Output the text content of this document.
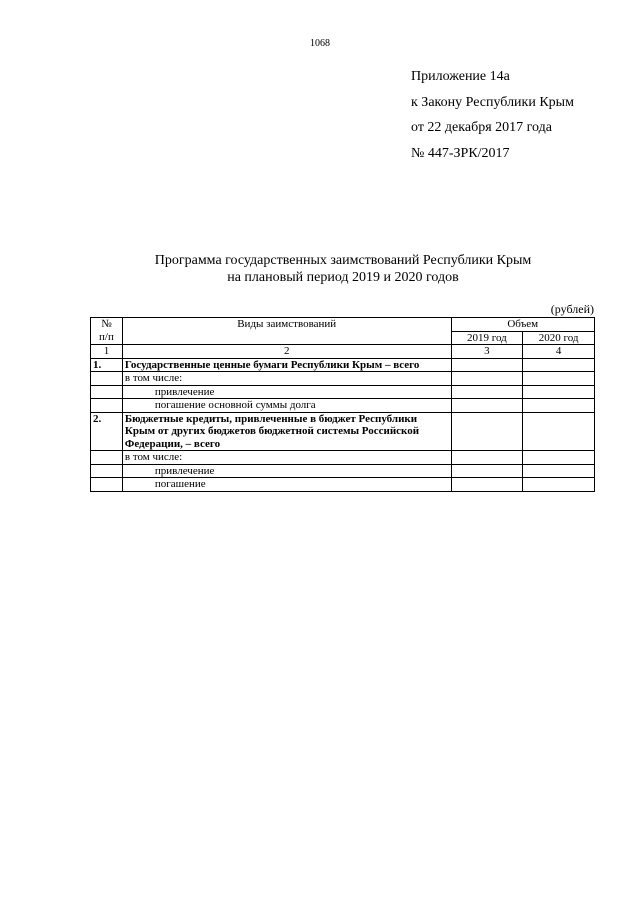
1068
Приложение 14а
к Закону Республики Крым
от 22 декабря 2017 года
№ 447-ЗРК/2017
Программа государственных заимствований Республики Крым
на плановый период 2019 и 2020 годов
(рублей)
№
п/п	Виды заимствований	Объем	
		2019 год	2020 год
1	2	3	4
1.	Государственные ценные бумаги Республики Крым – всего		
	в том числе:		
	привлечение		
	погашение основной суммы долга		
2.	Бюджетные кредиты, привлеченные в бюджет Республики Крым от других бюджетов бюджетной системы Российской Федерации, – всего		
	в том числе:		
	привлечение		
	погашение		
